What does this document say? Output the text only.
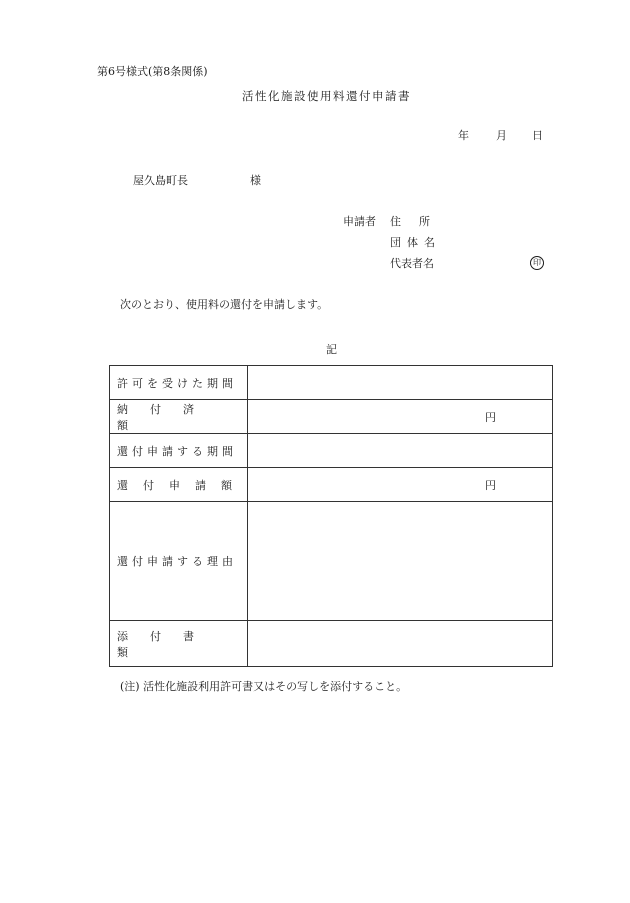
第6号様式(第8条関係)
活性化施設使用料還付申請書
年 月 日
屋久島町長	様
申請者 住所
団体名
代表者名	印
次のとおり、使用料の還付を申請します。
記
許可を受けた期間	

納付済額	円

還付申請する期間	

還付申請額	円

還付申請する理由	

添付書類	
(注) 活性化施設利用許可書又はその写しを添付すること。
